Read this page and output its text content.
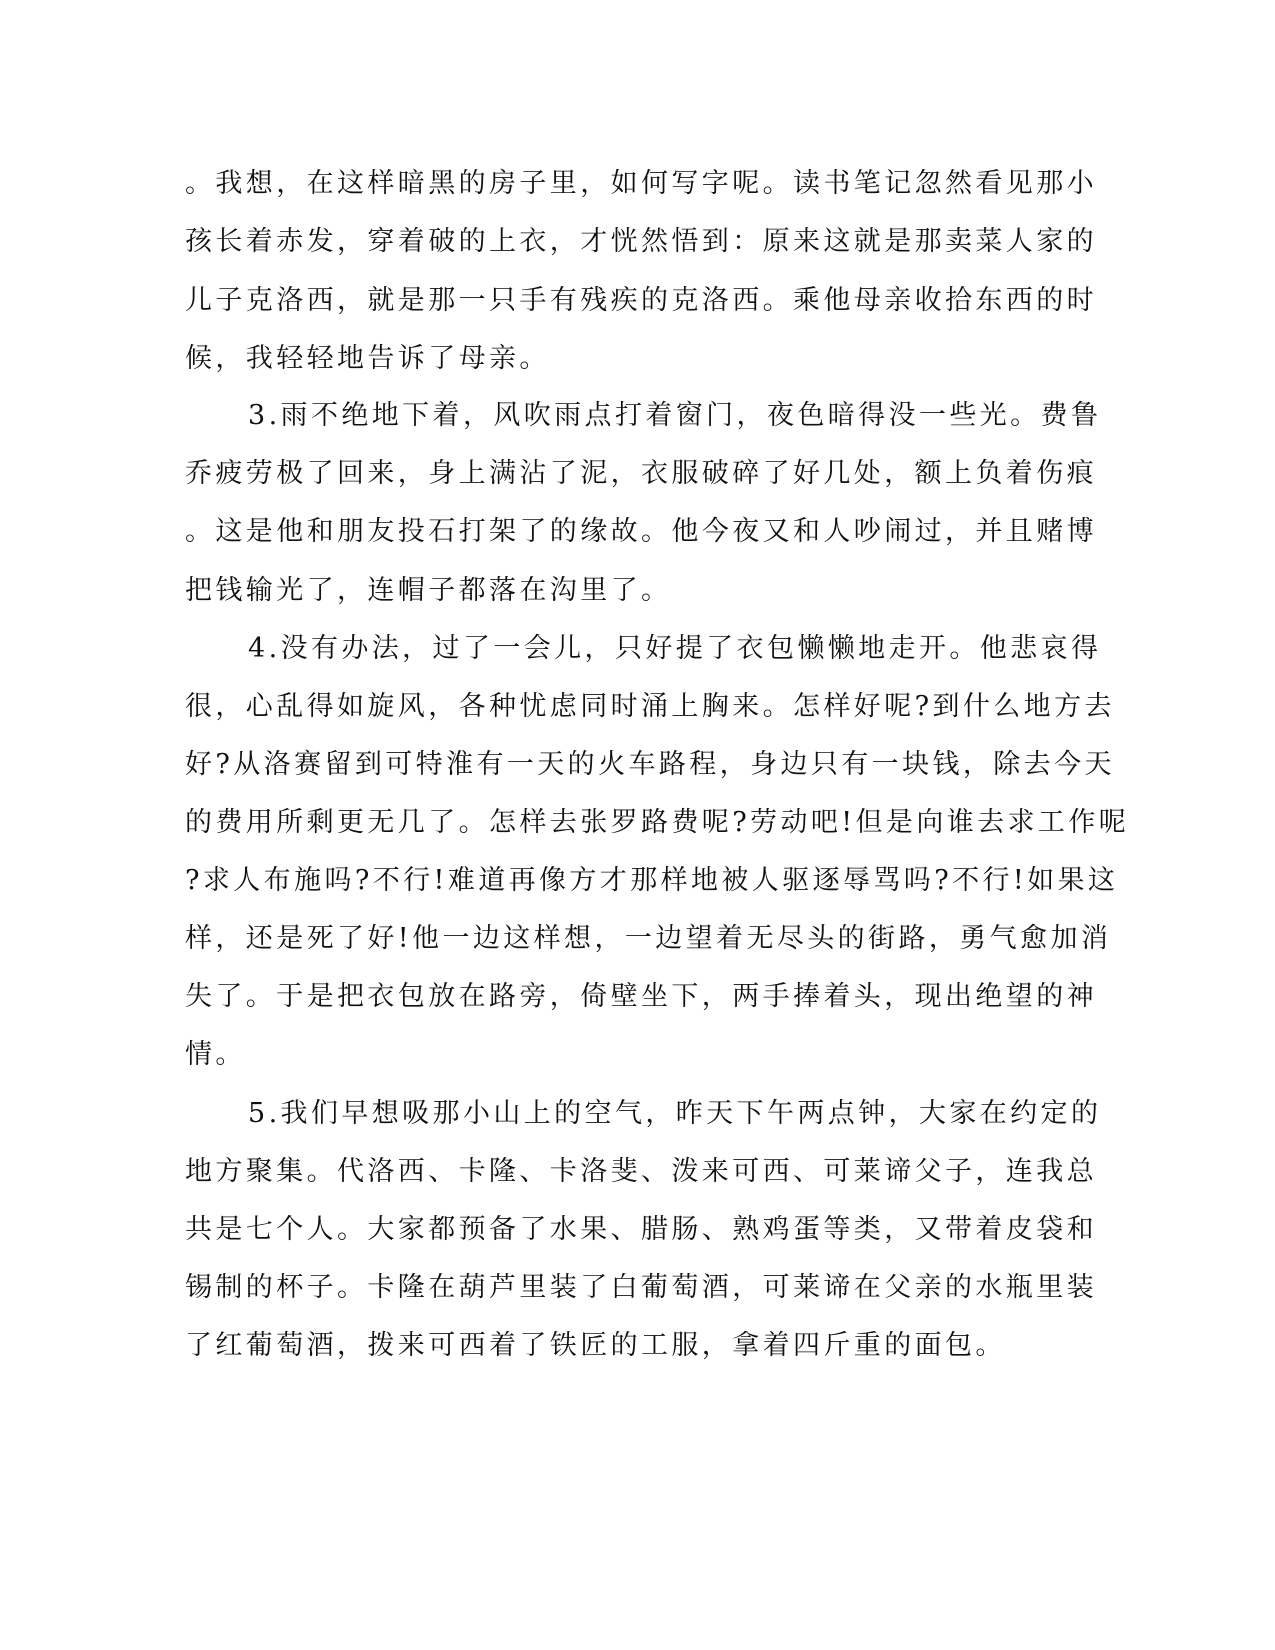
。我想，在这样暗黑的房子里，如何写字呢。读书笔记忽然看见那小
孩长着赤发，穿着破的上衣，才恍然悟到：原来这就是那卖菜人家的
儿子克洛西，就是那一只手有残疾的克洛西。乘他母亲收拾东西的时
候，我轻轻地告诉了母亲。
3.雨不绝地下着，风吹雨点打着窗门，夜色暗得没一些光。费鲁
乔疲劳极了回来，身上满沾了泥，衣服破碎了好几处，额上负着伤痕
。这是他和朋友投石打架了的缘故。他今夜又和人吵闹过，并且赌博
把钱输光了，连帽子都落在沟里了。
4.没有办法，过了一会儿，只好提了衣包懒懒地走开。他悲哀得
很，心乱得如旋风，各种忧虑同时涌上胸来。怎样好呢?到什么地方去
好?从洛赛留到可特淮有一天的火车路程，身边只有一块钱，除去今天
的费用所剩更无几了。怎样去张罗路费呢?劳动吧!但是向谁去求工作呢
?求人布施吗?不行!难道再像方才那样地被人驱逐辱骂吗?不行!如果这
样，还是死了好!他一边这样想，一边望着无尽头的街路，勇气愈加消
失了。于是把衣包放在路旁，倚壁坐下，两手捧着头，现出绝望的神
情。
5.我们早想吸那小山上的空气，昨天下午两点钟，大家在约定的
地方聚集。代洛西、卡隆、卡洛斐、泼来可西、可莱谛父子，连我总
共是七个人。大家都预备了水果、腊肠、熟鸡蛋等类，又带着皮袋和
锡制的杯子。卡隆在葫芦里装了白葡萄酒，可莱谛在父亲的水瓶里装
了红葡萄酒，拨来可西着了铁匠的工服，拿着四斤重的面包。
